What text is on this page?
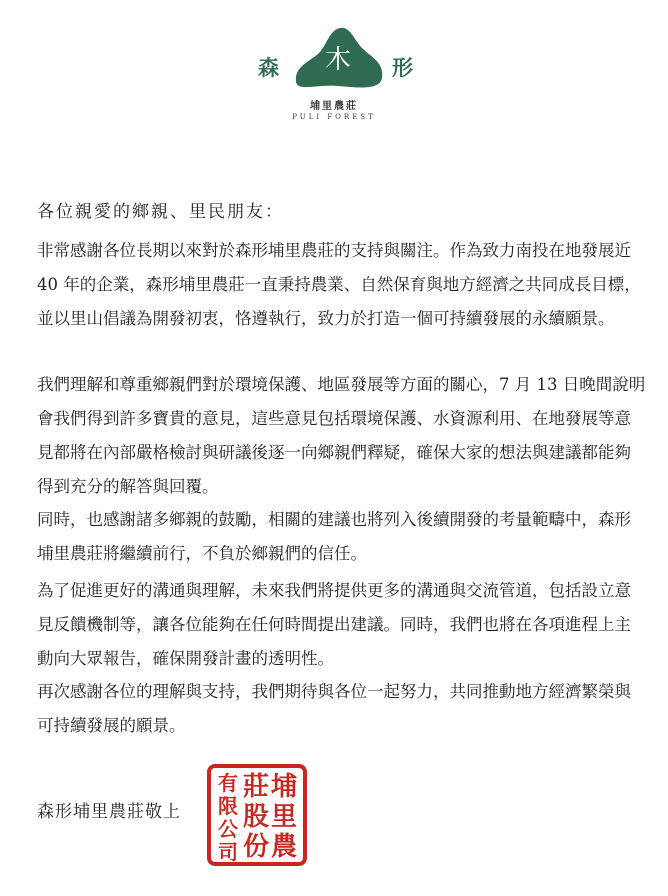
森 木 形
埔里農莊
PULI FOREST
各位親愛的鄉親、里民朋友：

非常感謝各位長期以來對於森形埔里農莊的支持與關注。作為致力南投在地發展近 40 年的企業，森形埔里農莊一直秉持農業、自然保育與地方經濟之共同成長目標，並以里山倡議為開發初衷，恪遵執行，致力於打造一個可持續發展的永續願景。

我們理解和尊重鄉親們對於環境保護、地區發展等方面的關心，7 月 13 日晚間說明會我們得到許多寶貴的意見，這些意見包括環境保護、水資源利用、在地發展等意見都將在內部嚴格檢討與研議後逐一向鄉親們釋疑，確保大家的想法與建議都能夠得到充分的解答與回覆。

同時，也感謝諸多鄉親的鼓勵，相關的建議也將列入後續開發的考量範疇中，森形埔里農莊將繼續前行，不負於鄉親們的信任。

為了促進更好的溝通與理解，未來我們將提供更多的溝通與交流管道，包括設立意見反饋機制等，讓各位能夠在任何時間提出建議。同時，我們也將在各項進程上主動向大眾報告，確保開發計畫的透明性。

再次感謝各位的理解與支持，我們期待與各位一起努力，共同推動地方經濟繁榮與可持續發展的願景。

森形埔里農莊敬上
埔
里
農
莊
股
份
有
限
公
司
